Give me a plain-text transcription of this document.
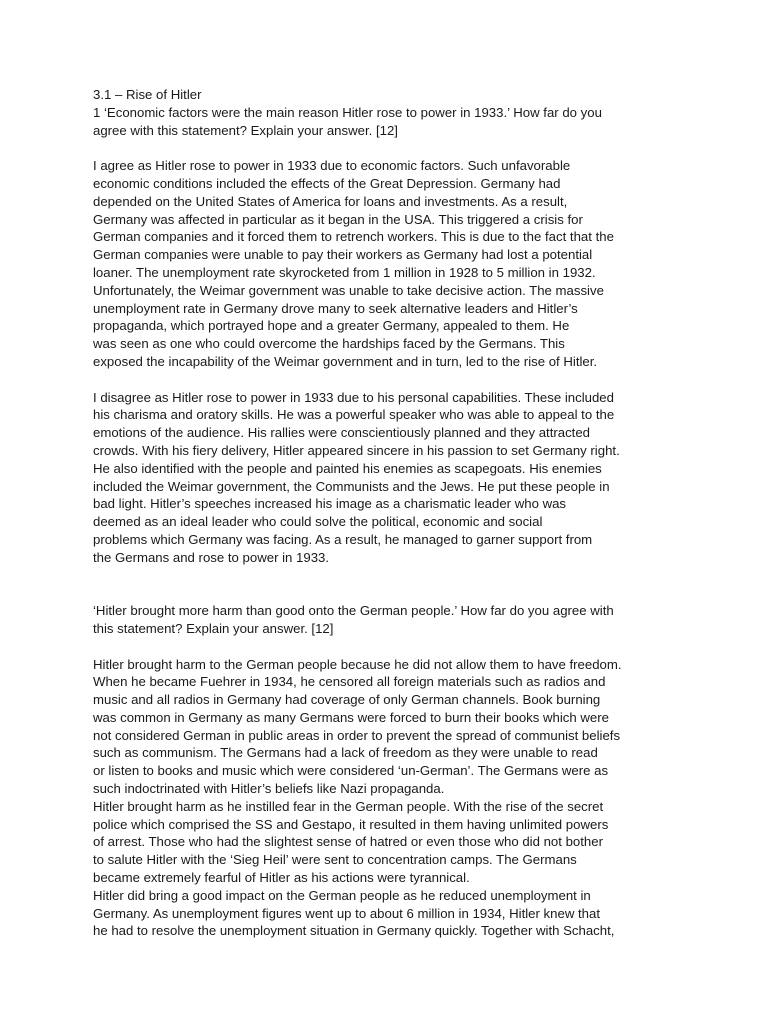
3.1 – Rise of Hitler
1 ‘Economic factors were the main reason Hitler rose to power in 1933.’ How far do you
agree with this statement? Explain your answer. [12]
I agree as Hitler rose to power in 1933 due to economic factors. Such unfavorable
economic conditions included the effects of the Great Depression. Germany had
depended on the United States of America for loans and investments. As a result,
Germany was affected in particular as it began in the USA. This triggered a crisis for
German companies and it forced them to retrench workers. This is due to the fact that the
German companies were unable to pay their workers as Germany had lost a potential
loaner. The unemployment rate skyrocketed from 1 million in 1928 to 5 million in 1932.
Unfortunately, the Weimar government was unable to take decisive action. The massive
unemployment rate in Germany drove many to seek alternative leaders and Hitler’s
propaganda, which portrayed hope and a greater Germany, appealed to them. He
was seen as one who could overcome the hardships faced by the Germans. This
exposed the incapability of the Weimar government and in turn, led to the rise of Hitler.
I disagree as Hitler rose to power in 1933 due to his personal capabilities. These included
his charisma and oratory skills. He was a powerful speaker who was able to appeal to the
emotions of the audience. His rallies were conscientiously planned and they attracted
crowds. With his fiery delivery, Hitler appeared sincere in his passion to set Germany right.
He also identified with the people and painted his enemies as scapegoats. His enemies
included the Weimar government, the Communists and the Jews. He put these people in
bad light. Hitler’s speeches increased his image as a charismatic leader who was
deemed as an ideal leader who could solve the political, economic and social
problems which Germany was facing. As a result, he managed to garner support from
the Germans and rose to power in 1933.
‘Hitler brought more harm than good onto the German people.’ How far do you agree with
this statement? Explain your answer. [12]
Hitler brought harm to the German people because he did not allow them to have freedom.
When he became Fuehrer in 1934, he censored all foreign materials such as radios and
music and all radios in Germany had coverage of only German channels. Book burning
was common in Germany as many Germans were forced to burn their books which were
not considered German in public areas in order to prevent the spread of communist beliefs
such as communism. The Germans had a lack of freedom as they were unable to read
or listen to books and music which were considered ‘un-German’. The Germans were as
such indoctrinated with Hitler’s beliefs like Nazi propaganda.
Hitler brought harm as he instilled fear in the German people. With the rise of the secret
police which comprised the SS and Gestapo, it resulted in them having unlimited powers
of arrest. Those who had the slightest sense of hatred or even those who did not bother
to salute Hitler with the ‘Sieg Heil’ were sent to concentration camps. The Germans
became extremely fearful of Hitler as his actions were tyrannical.
Hitler did bring a good impact on the German people as he reduced unemployment in
Germany. As unemployment figures went up to about 6 million in 1934, Hitler knew that
he had to resolve the unemployment situation in Germany quickly. Together with Schacht,
